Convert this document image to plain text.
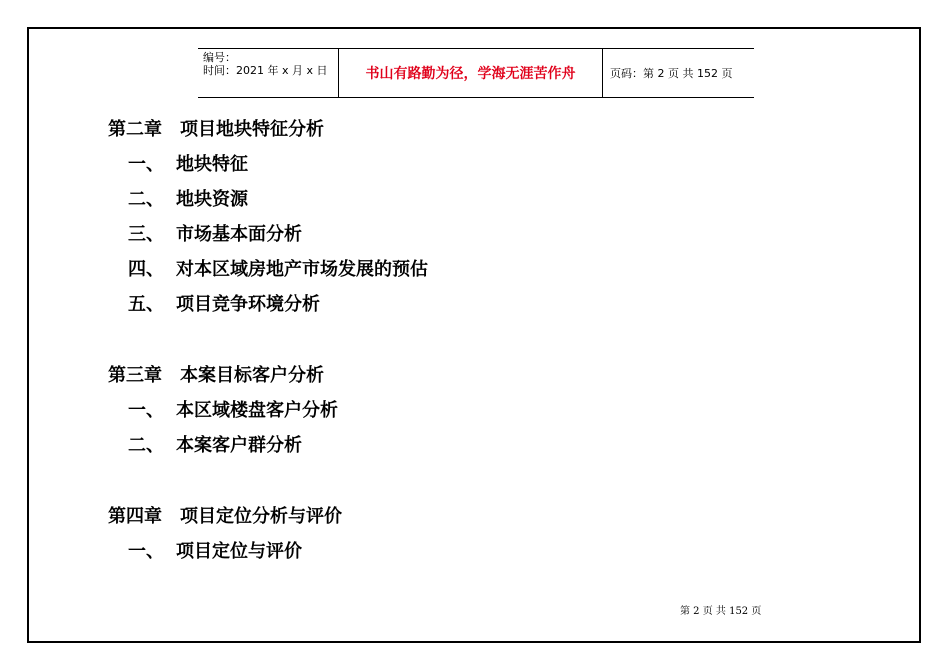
编号：
时间：2021 年 x 月 x 日	书山有路勤为径，学海无涯苦作舟	页码：第 2 页 共 152 页
第二章 项目地块特征分析
一、 地块特征
二、 地块资源
三、 市场基本面分析
四、 对本区域房地产市场发展的预估
五、 项目竞争环境分析
第三章 本案目标客户分析
一、 本区域楼盘客户分析
二、 本案客户群分析
第四章 项目定位分析与评价
一、 项目定位与评价
第 2 页 共 152 页
